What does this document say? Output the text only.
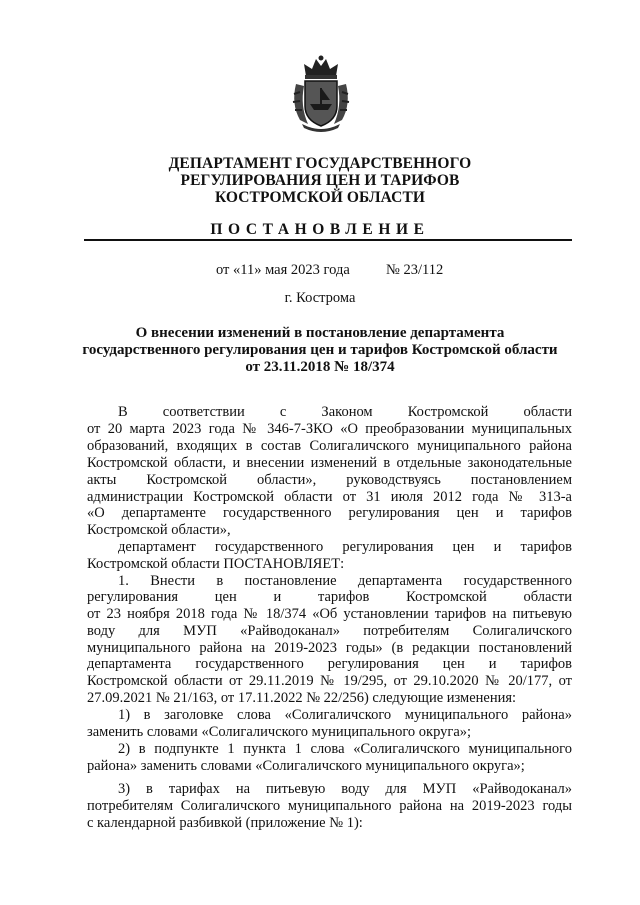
ДЕПАРТАМЕНТ ГОСУДАРСТВЕННОГО
РЕГУЛИРОВАНИЯ ЦЕН И ТАРИФОВ
КОСТРОМСКОЙ ОБЛАСТИ
ПОСТАНОВЛЕНИЕ
от «11» мая 2023 года № 23/112
г. Кострома
О внесении изменений в постановление департамента
государственного регулирования цен и тарифов Костромской области
от 23.11.2018 № 18/374
В соответствии с Законом Костромской области
от 20 марта 2023 года № 346-7-ЗКО «О преобразовании муниципальных
образований, входящих в состав Солигаличского муниципального района
Костромской области, и внесении изменений в отдельные законодательные
акты Костромской области», руководствуясь постановлением
администрации Костромской области от 31 июля 2012 года № 313-а
«О департаменте государственного регулирования цен и тарифов
Костромской области»,
департамент государственного регулирования цен и тарифов
Костромской области ПОСТАНОВЛЯЕТ:
1. Внести в постановление департамента государственного
регулирования цен и тарифов Костромской области
от 23 ноября 2018 года № 18/374 «Об установлении тарифов на питьевую
воду для МУП «Райводоканал» потребителям Солигаличского
муниципального района на 2019-2023 годы» (в редакции постановлений
департамента государственного регулирования цен и тарифов
Костромской области от 29.11.2019 № 19/295, от 29.10.2020 № 20/177, от
27.09.2021 № 21/163, от 17.11.2022 № 22/256) следующие изменения:
1) в заголовке слова «Солигаличского муниципального района»
заменить словами «Солигаличского муниципального округа»;
2) в подпункте 1 пункта 1 слова «Солигаличского муниципального
района» заменить словами «Солигаличского муниципального округа»;
3) в тарифах на питьевую воду для МУП «Райводоканал»
потребителям Солигаличского муниципального района на 2019-2023 годы
с календарной разбивкой (приложение № 1):
